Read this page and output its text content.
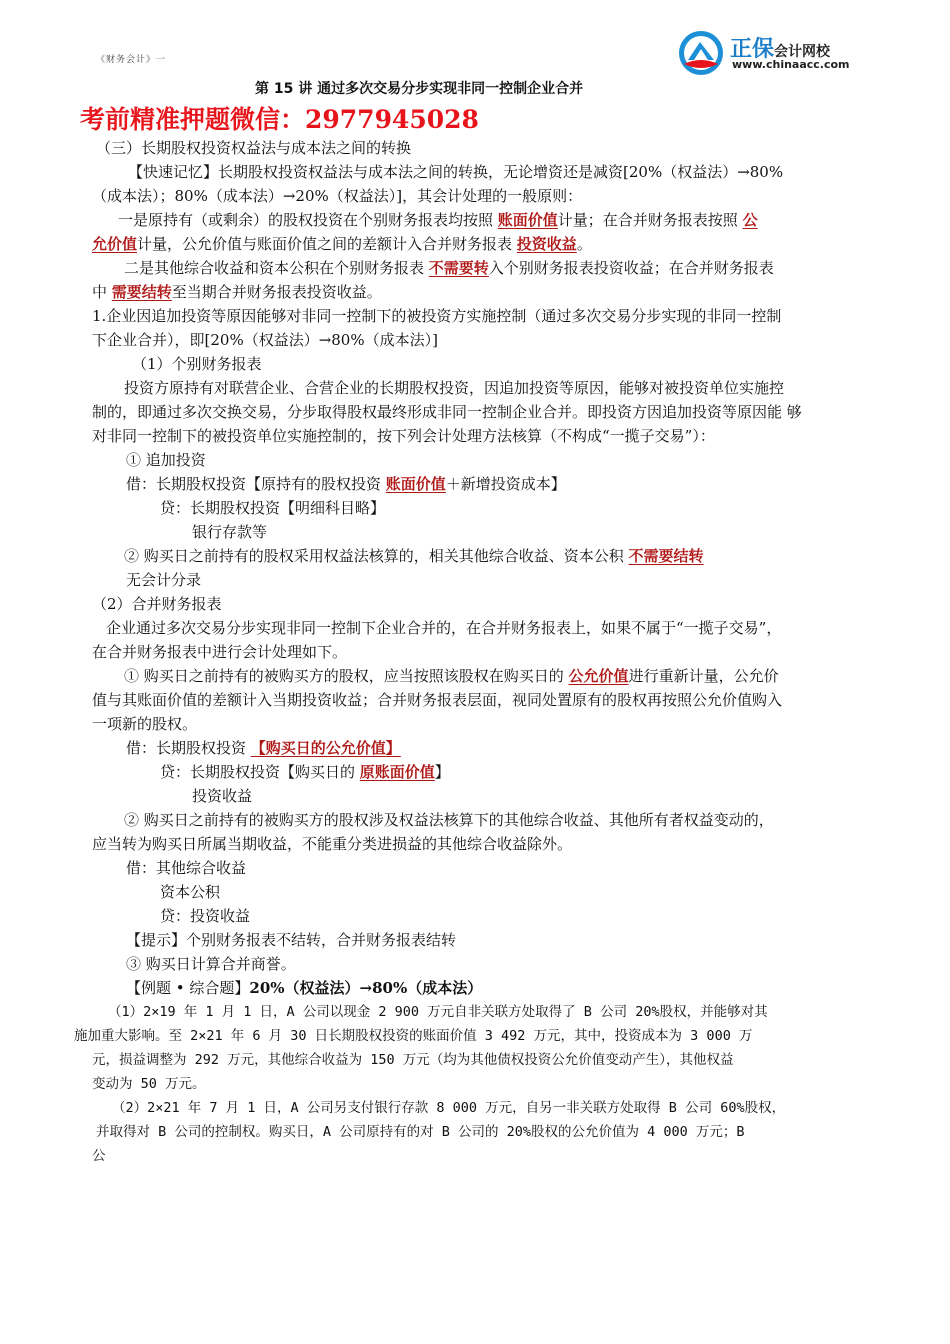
《财务会计》一	正保会计网校
www.chinaacc.com
第 15 讲 通过多次交易分步实现非同一控制企业合并
考前精准押题微信：2977945028
（三）长期股权投资权益法与成本法之间的转换
【快速记忆】长期股权投资权益法与成本法之间的转换，无论增资还是减资[20%（权益法）→80%
（成本法）；80%（成本法）→20%（权益法）]，其会计处理的一般原则：
一是原持有（或剩余）的股权投资在个别财务报表均按照 账面价值计量；在合并财务报表按照 公
允价值计量，公允价值与账面价值之间的差额计入合并财务报表 投资收益。
二是其他综合收益和资本公积在个别财务报表 不需要转入个别财务报表投资收益；在合并财务报表
中 需要结转至当期合并财务报表投资收益。
1.企业因追加投资等原因能够对非同一控制下的被投资方实施控制（通过多次交易分步实现的非同一控制
下企业合并），即[20%（权益法）→80%（成本法）]
（1）个别财务报表
投资方原持有对联营企业、合营企业的长期股权投资，因追加投资等原因，能够对被投资单位实施控
制的，即通过多次交换交易，分步取得股权最终形成非同一控制企业合并。即投资方因追加投资等原因能 够
对非同一控制下的被投资单位实施控制的，按下列会计处理方法核算（不构成“一揽子交易”）：
① 追加投资
借：长期股权投资【原持有的股权投资 账面价值＋新增投资成本】
贷：长期股权投资【明细科目略】
银行存款等
② 购买日之前持有的股权采用权益法核算的，相关其他综合收益、资本公积 不需要结转
无会计分录
（2）合并财务报表
企业通过多次交易分步实现非同一控制下企业合并的，在合并财务报表上，如果不属于“一揽子交易”，
在合并财务报表中进行会计处理如下。
① 购买日之前持有的被购买方的股权，应当按照该股权在购买日的 公允价值进行重新计量，公允价
值与其账面价值的差额计入当期投资收益；合并财务报表层面，视同处置原有的股权再按照公允价值购入
一项新的股权。
借：长期股权投资 【购买日的公允价值】
贷：长期股权投资【购买日的 原账面价值】
投资收益
② 购买日之前持有的被购买方的股权涉及权益法核算下的其他综合收益、其他所有者权益变动的，
应当转为购买日所属当期收益，不能重分类进损益的其他综合收益除外。
借：其他综合收益
资本公积
贷：投资收益
【提示】个别财务报表不结转，合并财务报表结转
③ 购买日计算合并商誉。
【例题 • 综合题】20%（权益法）→80%（成本法）
（1）2×19 年 1 月 1 日，A 公司以现金 2 900 万元自非关联方处取得了 B 公司 20%股权，并能够对其
施加重大影响。至 2×21 年 6 月 30 日长期股权投资的账面价值 3 492 万元，其中，投资成本为 3 000 万
元，损益调整为 292 万元，其他综合收益为 150 万元（均为其他债权投资公允价值变动产生），其他权益
变动为 50 万元。
（2）2×21 年 7 月 1 日，A 公司另支付银行存款 8 000 万元，自另一非关联方处取得 B 公司 60%股权，
并取得对 B 公司的控制权。购买日，A 公司原持有的对 B 公司的 20%股权的公允价值为 4 000 万元；B
公
